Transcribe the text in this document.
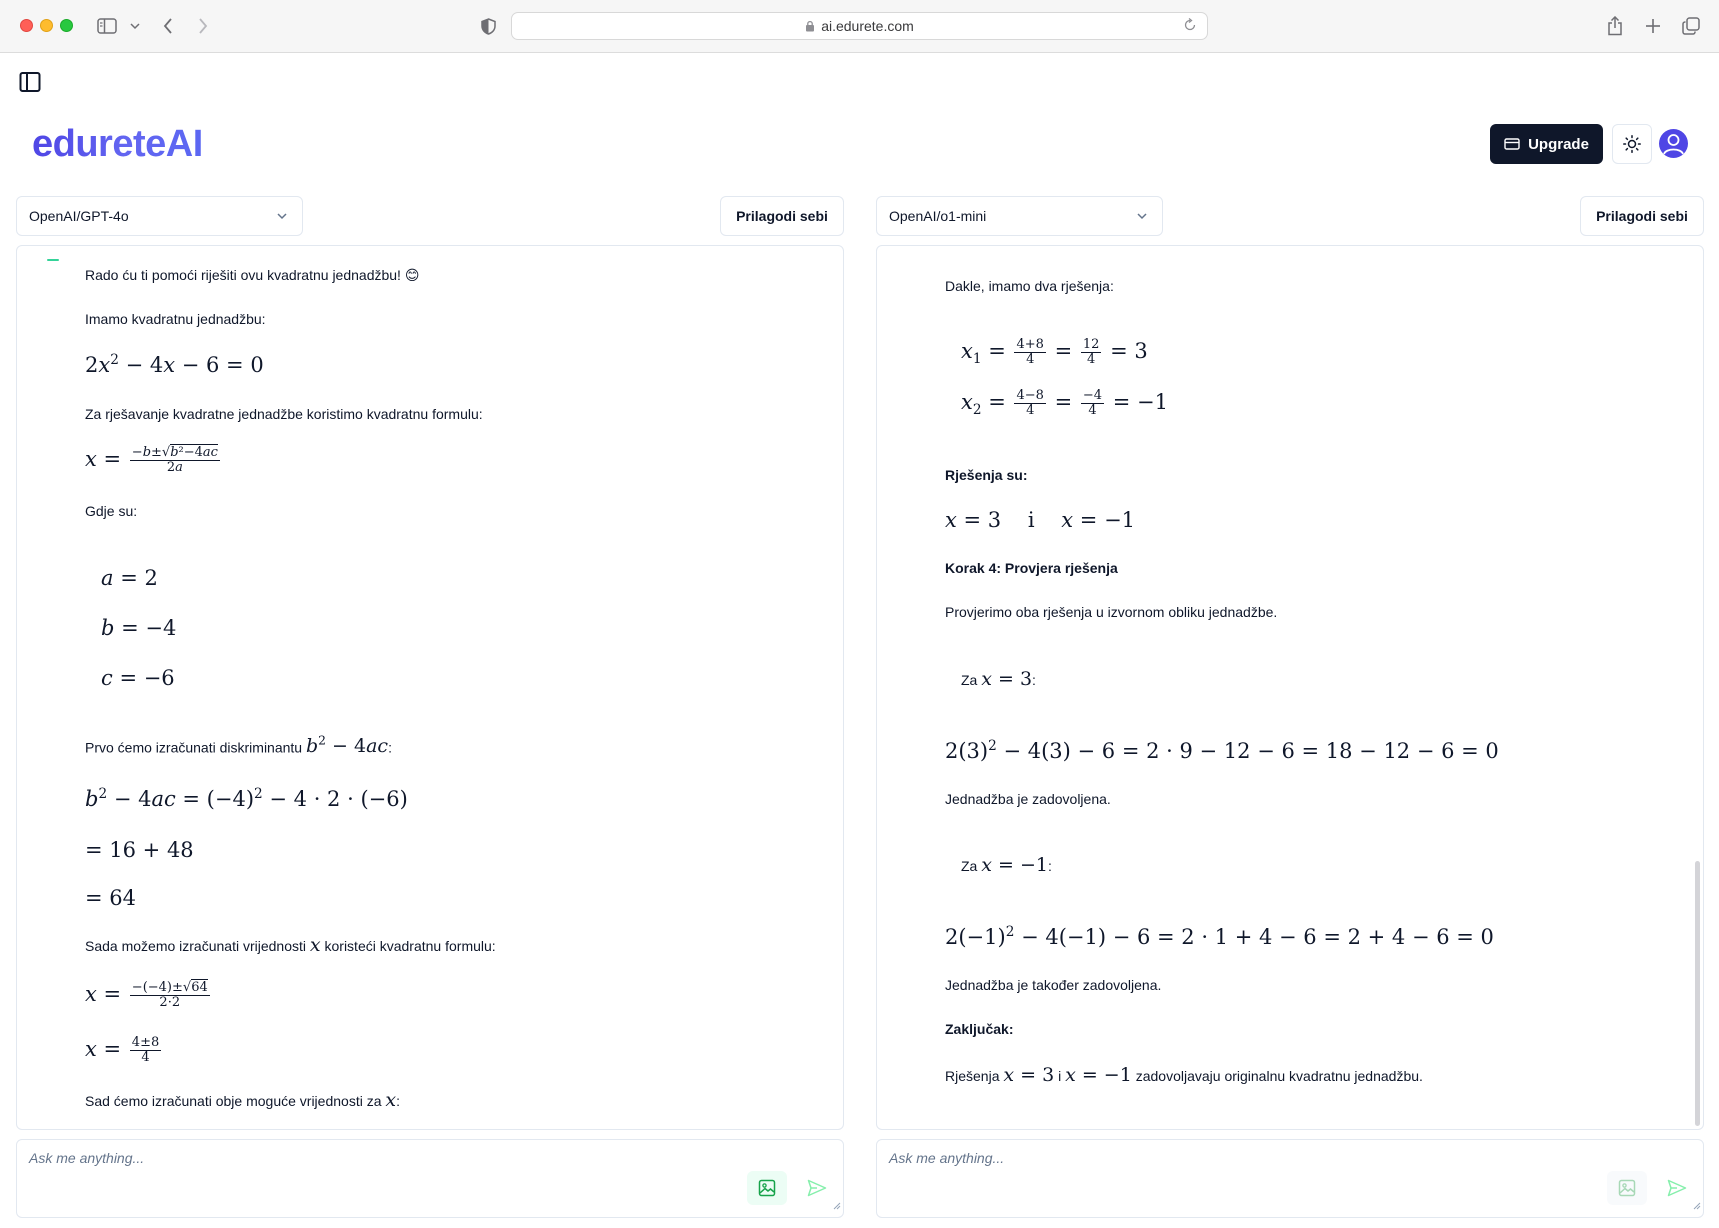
ai.edurete.com
edureteAI	Upgrade
OpenAI/GPT-4o	Prilagodi sebi
Rado ću ti pomoći riješiti ovu kvadratnu jednadžbu! 😊
Imamo kvadratnu jednadžbu:
$2x^2 - 4x - 6 = 0$
Za rješavanje kvadratne jednadžbe koristimo kvadratnu formulu:
$x = \frac{\text{−b±√b²−4ac}}{2a}$
Gdje su:
a = 2
b = −4
c = −6
Prvo ćemo izračunati diskriminantu $b^2 - 4ac$:
$b^2 - 4ac = (-4)^2 - 4 \cdot 2 \cdot (-6)$
= 16 + 48
= 64
Sada možemo izračunati vrijednosti x koristeći kvadratnu formulu:
$x = \frac{-(-4)\pm√64}{2\cdot 2}$
$x = \frac{4\pm 8}{4}$
Sad ćemo izračunati obje moguće vrijednosti za x:
Ask me anything...
OpenAI/o1-mini	Prilagodi sebi
Dakle, imamo dva rješenja:
$x_1 = \frac{4+8}{4} = \frac{12}{4} = 3$
$x_2 = \frac{4-8}{4} = \frac{-4}{4} = -1$
Rješenja su:
x = 3    i    x = −1
Korak 4: Provjera rješenja
Provjerimo oba rješenja u izvornom obliku jednadžbe.
Za x = 3:
$2(3)^2 - 4(3) - 6 = 2 \cdot 9 - 12 - 6 = 18 - 12 - 6 = 0$
Jednadžba je zadovoljena.
Za x = −1:
$2(-1)^2 - 4(-1) - 6 = 2 \cdot 1 + 4 - 6 = 2 + 4 - 6 = 0$
Jednadžba je također zadovoljena.
Zaključak:
Rješenja x = 3 i x = −1 zadovoljavaju originalnu kvadratnu jednadžbu.
Ask me anything...
